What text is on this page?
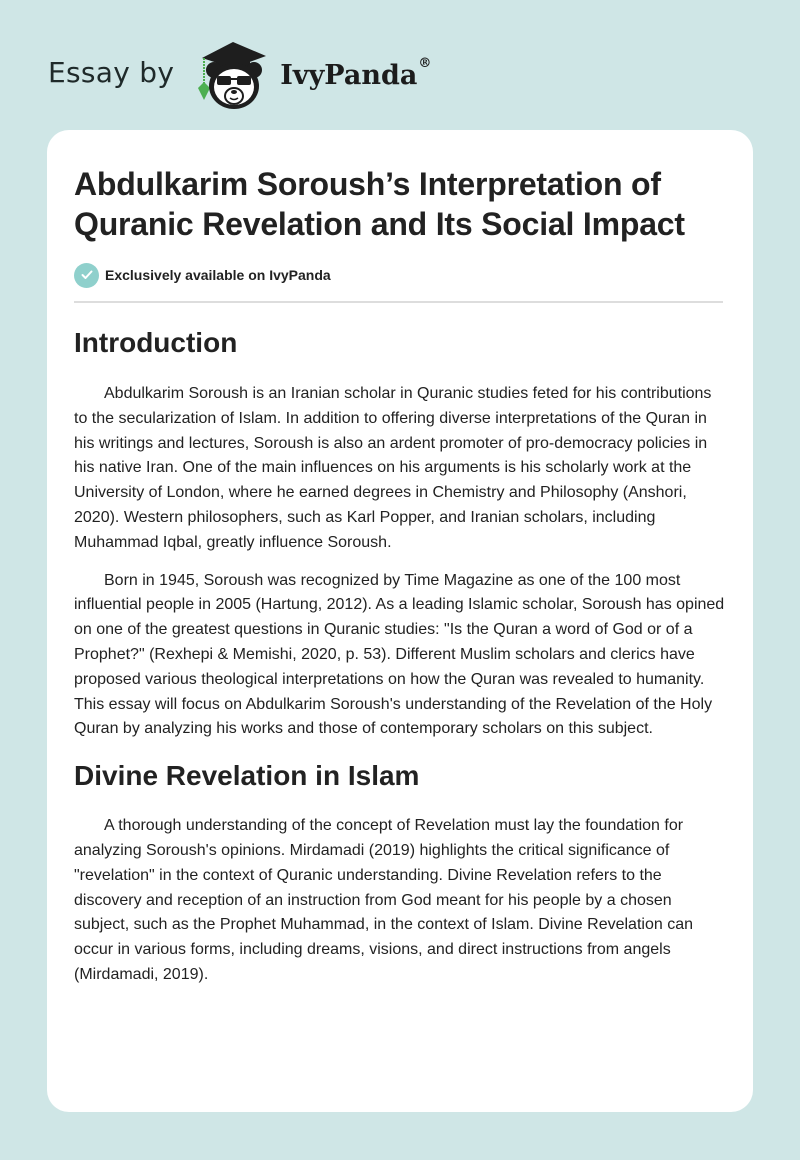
Essay by	IvyPanda®
Abdulkarim Soroush’s Interpretation of Quranic Revelation and Its Social Impact
Exclusively available on IvyPanda
Introduction

Abdulkarim Soroush is an Iranian scholar in Quranic studies feted for his contributions to the secularization of Islam. In addition to offering diverse interpretations of the Quran in his writings and lectures, Soroush is also an ardent promoter of pro-democracy policies in his native Iran. One of the main influences on his arguments is his scholarly work at the University of London, where he earned degrees in Chemistry and Philosophy (Anshori, 2020). Western philosophers, such as Karl Popper, and Iranian scholars, including Muhammad Iqbal, greatly influence Soroush.

Born in 1945, Soroush was recognized by Time Magazine as one of the 100 most influential people in 2005 (Hartung, 2012). As a leading Islamic scholar, Soroush has opined on one of the greatest questions in Quranic studies: "Is the Quran a word of God or of a Prophet?" (Rexhepi & Memishi, 2020, p. 53). Different Muslim scholars and clerics have proposed various theological interpretations on how the Quran was revealed to humanity. This essay will focus on Abdulkarim Soroush's understanding of the Revelation of the Holy Quran by analyzing his works and those of contemporary scholars on this subject.

Divine Revelation in Islam

A thorough understanding of the concept of Revelation must lay the foundation for analyzing Soroush's opinions. Mirdamadi (2019) highlights the critical significance of "revelation" in the context of Quranic understanding. Divine Revelation refers to the discovery and reception of an instruction from God meant for his people by a chosen subject, such as the Prophet Muhammad, in the context of Islam. Divine Revelation can occur in various forms, including dreams, visions, and direct instructions from angels (Mirdamadi, 2019).
